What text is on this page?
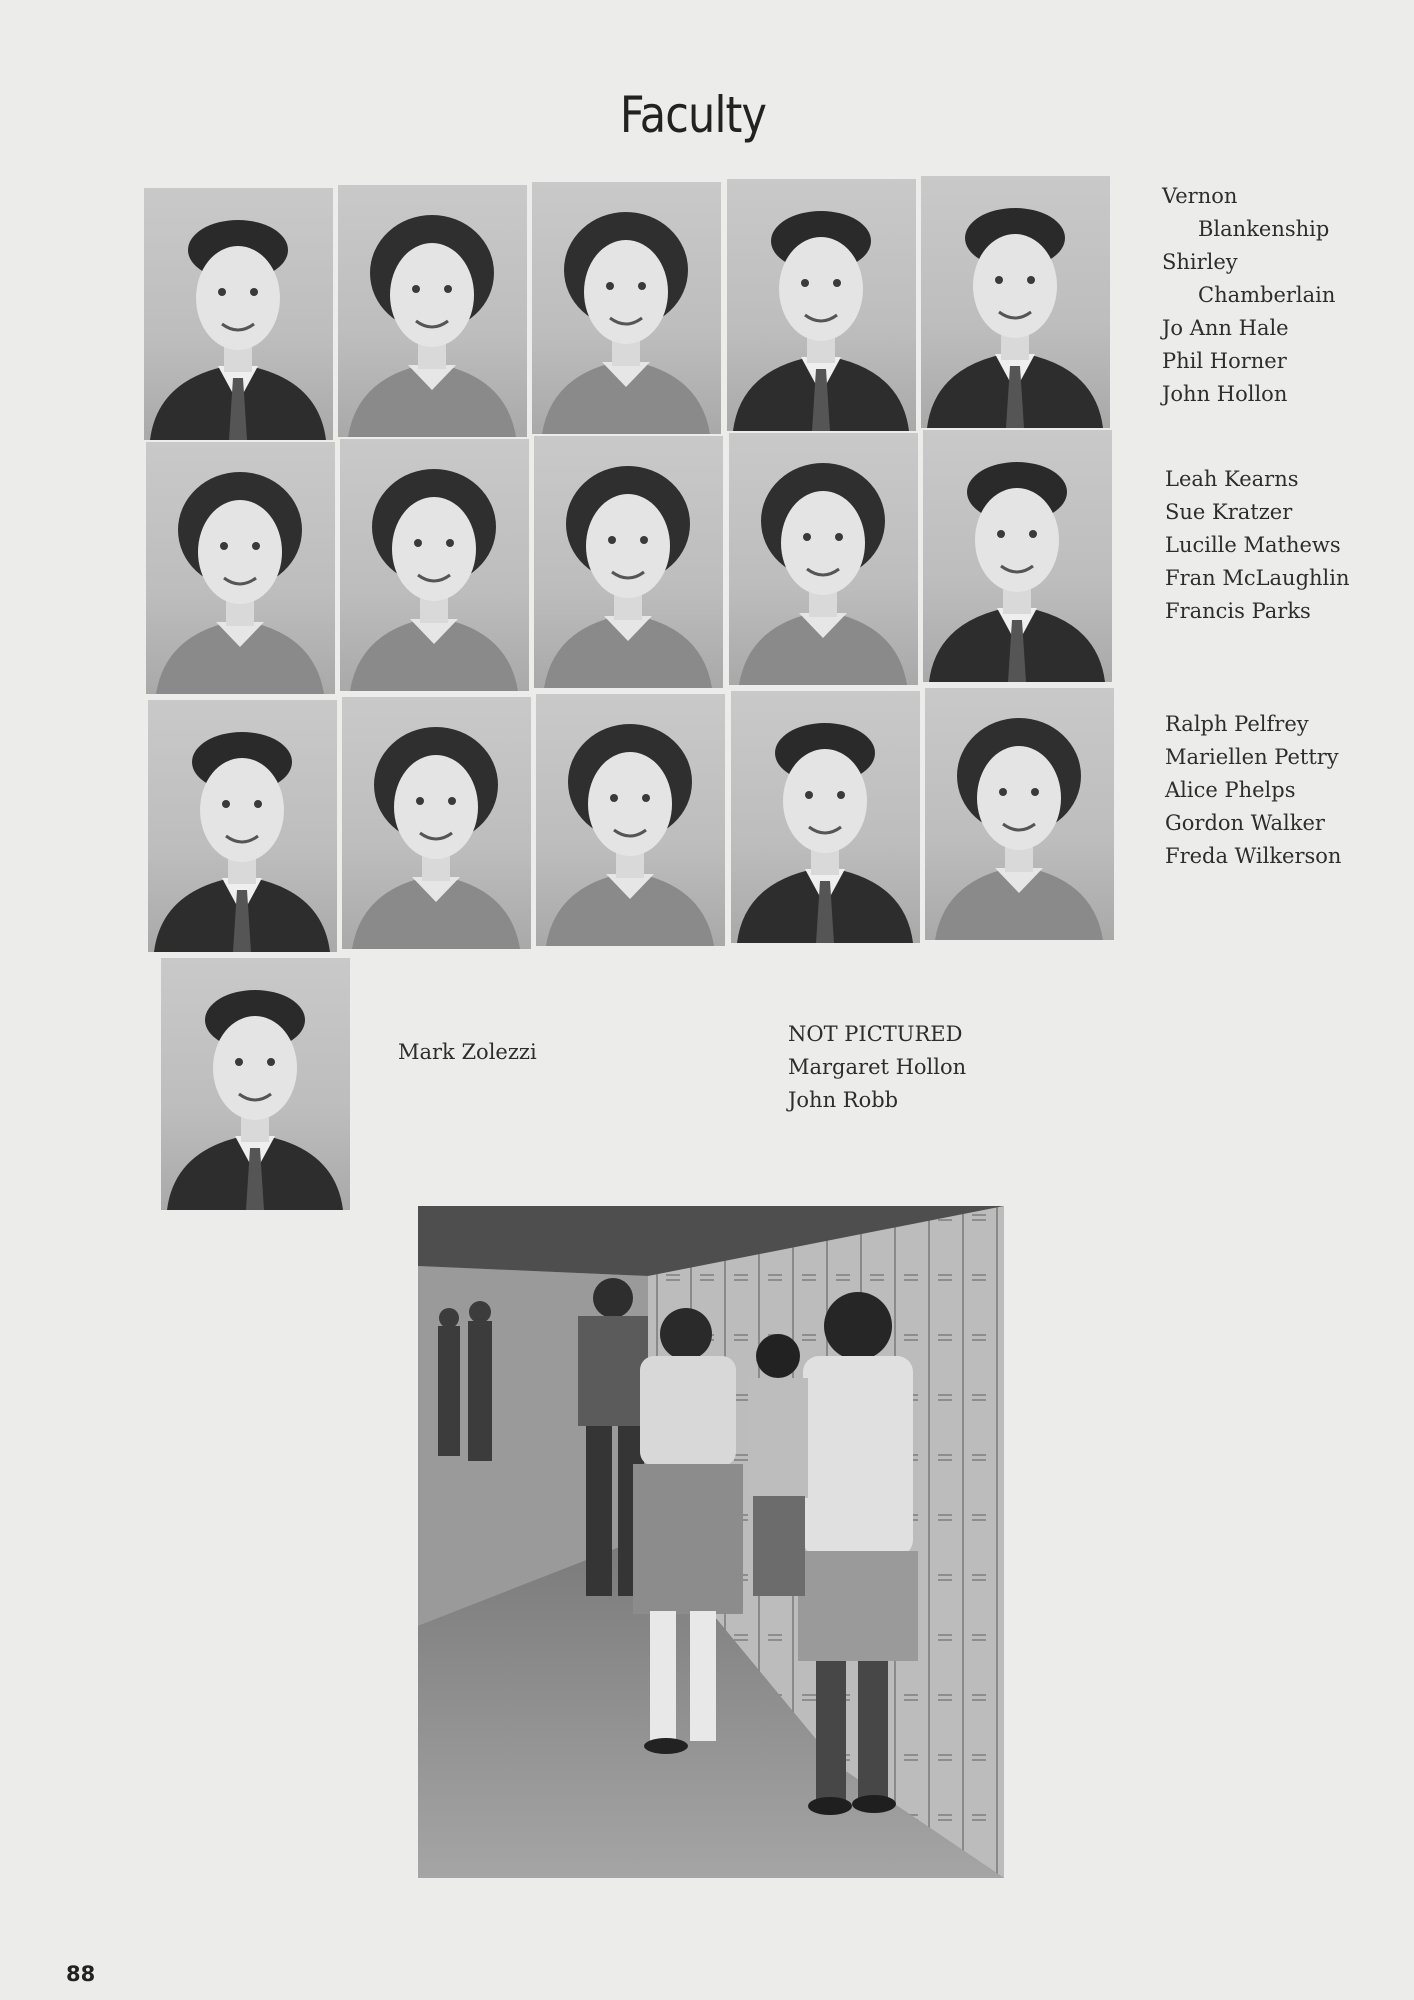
Faculty
Vernon
Blankenship
Shirley
Chamberlain
Jo Ann Hale
Phil Horner
John Hollon
Leah Kearns
Sue Kratzer
Lucille Mathews
Fran McLaughlin
Francis Parks
Ralph Pelfrey
Mariellen Pettry
Alice Phelps
Gordon Walker
Freda Wilkerson
Mark Zolezzi
NOT PICTURED
Margaret Hollon
John Robb
88
